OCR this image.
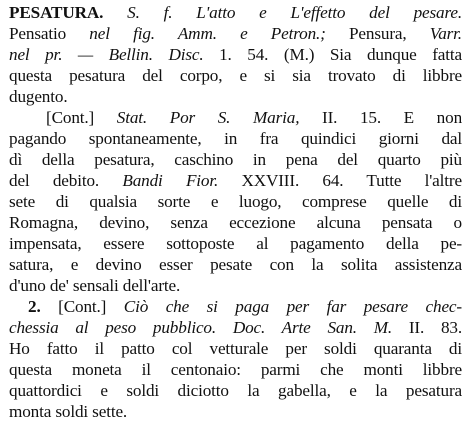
PESATURA. S. f. L'atto e L'effetto del pesare.
Pensatio nel fig. Amm. e Petron.; Pensura, Varr.
nel pr. — Bellin. Disc. 1. 54. (M.) Sia dunque fatta
questa pesatura del corpo, e si sia trovato di libbre
dugento.
[Cont.] Stat. Por S. Maria, II. 15. E non
pagando spontaneamente, in fra quindici giorni dal
dì della pesatura, caschino in pena del quarto più
del debito. Bandi Fior. XXVIII. 64. Tutte l'altre
sete di qualsia sorte e luogo, comprese quelle di
Romagna, devino, senza eccezione alcuna pensata o
impensata, essere sottoposte al pagamento della pe-
satura, e devino esser pesate con la solita assistenza
d'uno de' sensali dell'arte.
2. [Cont.] Ciò che si paga per far pesare chec-
chessia al peso pubblico. Doc. Arte San. M. II. 83.
Ho fatto il patto col vetturale per soldi quaranta di
questa moneta il centonaio: parmi che monti libbre
quattordici e soldi diciotto la gabella, e la pesatura
monta soldi sette.
